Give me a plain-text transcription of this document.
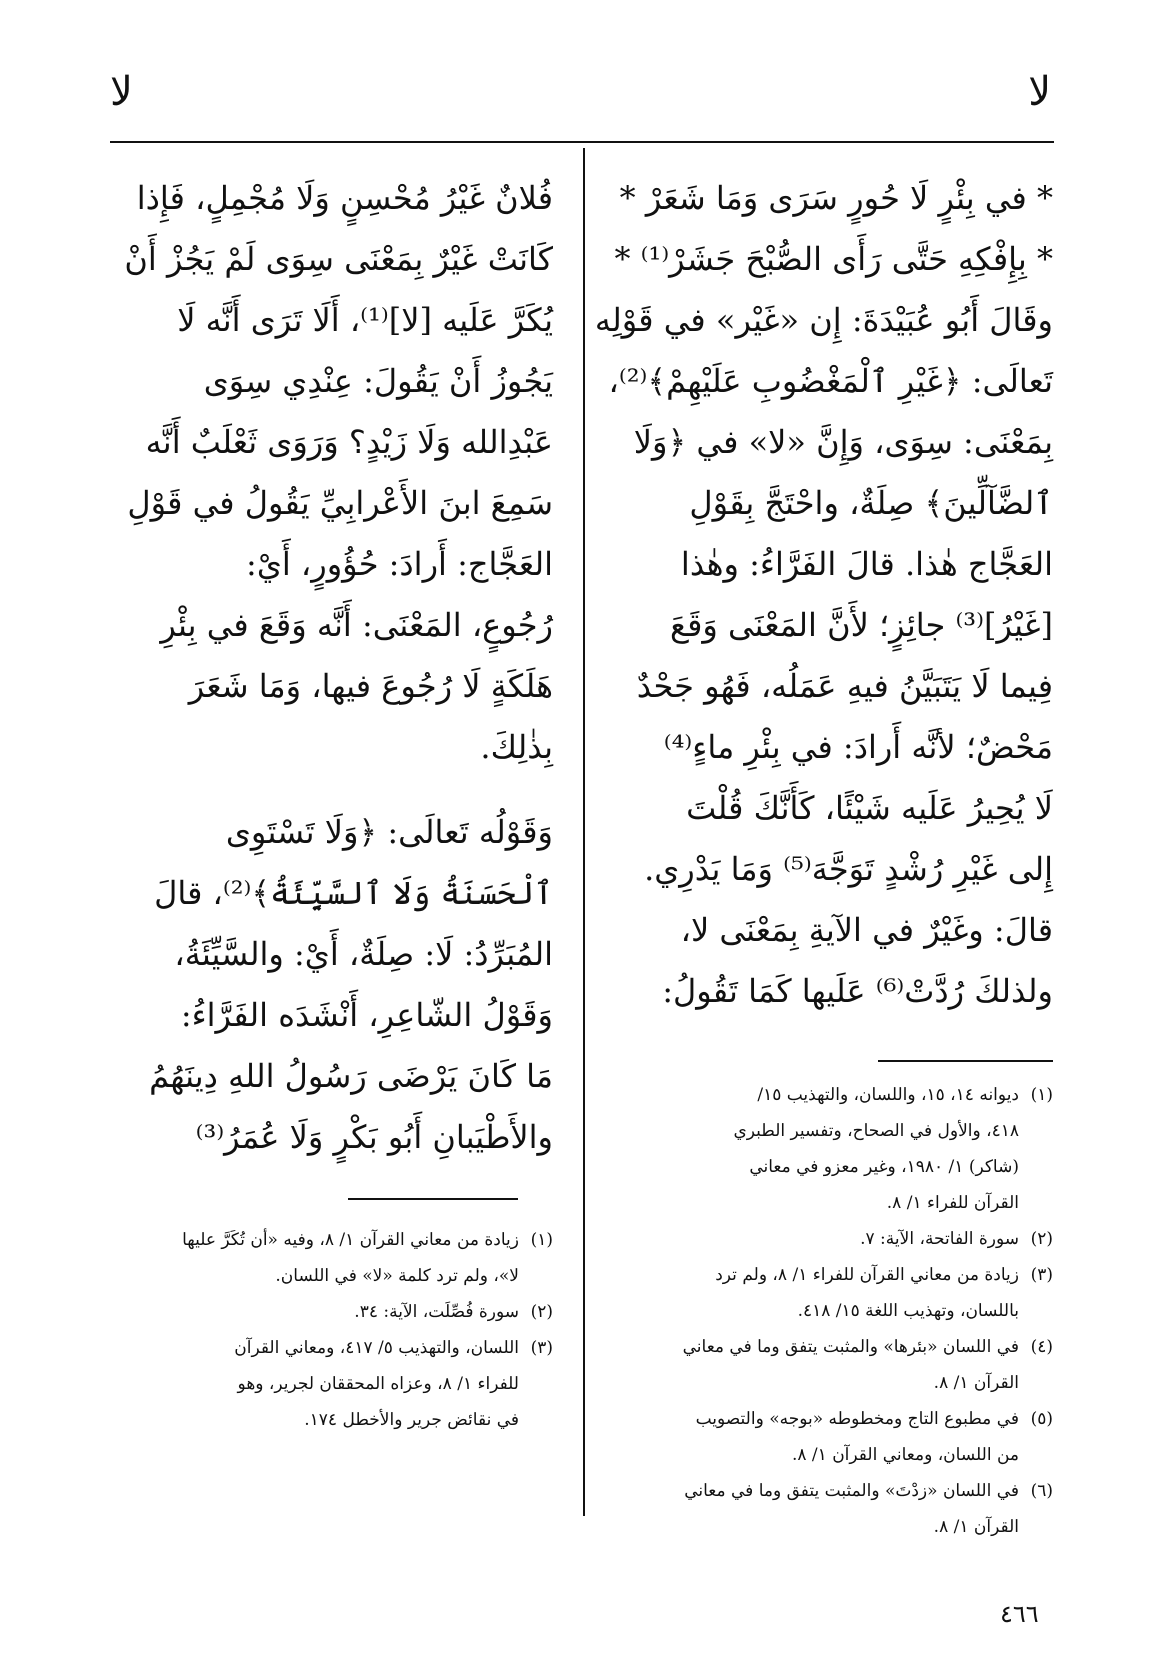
لا
لا
* في بِئْرٍ لَا حُورٍ سَرَى وَمَا شَعَرْ *
* بِإِفْكِهِ حَتَّى رَأَى الصُّبْحَ جَشَرْ⁽¹⁾ *
وقَالَ أَبُو عُبَيْدَةَ: إِن «غَيْر» في قَوْلِه
تَعالَى: ﴿غَيْرِ ٱلْمَغْضُوبِ عَلَيْهِمْ﴾⁽²⁾،
بِمَعْنَى: سِوَى، وَإِنَّ «لا» في ﴿وَلَا
ٱلضَّآلِّينَ﴾ صِلَةٌ، واحْتَجَّ بِقَوْلِ
العَجَّاج هٰذا. قالَ الفَرَّاءُ: وهٰذا
[غَيْرُ]⁽³⁾ جائِزٍ؛ لأَنَّ المَعْنَى وَقَعَ
فِيما لَا يَتَبَيَّنُ فيهِ عَمَلُه، فَهُو جَحْدٌ
مَحْضٌ؛ لأنَّه أَرادَ: في بِئْرِ ماءٍ⁽⁴⁾
لَا يُحِيرُ عَلَيه شَيْئًا، كَأَنَّكَ قُلْتَ
إِلى غَيْرِ رُشْدٍ تَوَجَّهَ⁽⁵⁾ وَمَا يَدْرِي.
قالَ: وغَيْرٌ في الآيةِ بِمَعْنَى لا،
ولذلكَ رُدَّتْ⁽⁶⁾ عَلَيها كَمَا تَقُولُ:
(١)ديوانه ١٤، ١٥، واللسان، والتهذيب ١٥/
٤١٨، والأول في الصحاح، وتفسير الطبري
(شاكر) ١/ ١٩٨٠، وغير معزو في معاني
القرآن للفراء ١/ ٨.
(٢)سورة الفاتحة، الآية: ٧.
(٣)زيادة من معاني القرآن للفراء ١/ ٨، ولم ترد
باللسان، وتهذيب اللغة ١٥/ ٤١٨.
(٤)في اللسان «بئرها» والمثبت يتفق وما في معاني
القرآن ١/ ٨.
(٥)في مطبوع التاج ومخطوطه «بوجه» والتصويب
من اللسان، ومعاني القرآن ١/ ٨.
(٦)في اللسان «زدْتَ» والمثبت يتفق وما في معاني
القرآن ١/ ٨.
فُلانٌ غَيْرُ مُحْسِنٍ وَلَا مُجْمِلٍ، فَإِذا
كَانَتْ غَيْرٌ بِمَعْنَى سِوَى لَمْ يَجُزْ أَنْ
يُكَرَّ عَلَيه [لا]⁽¹⁾، أَلَا تَرَى أَنَّه لَا
يَجُوزُ أَنْ يَقُولَ: عِنْدِي سِوَى
عَبْدِالله وَلَا زَيْدٍ؟ وَرَوَى ثَعْلَبٌ أَنَّه
سَمِعَ ابنَ الأَعْرابِيِّ يَقُولُ في قَوْلِ
العَجَّاج: أَرادَ: حُؤُورٍ، أَيْ:
رُجُوعٍ، المَعْنَى: أَنَّه وَقَعَ في بِئْرِ
هَلَكَةٍ لَا رُجُوعَ فيها، وَمَا شَعَرَ
بِذٰلِكَ.
وَقَوْلُه تَعالَى: ﴿وَلَا تَسْتَوِى
ٱلْحَسَنَةُ وَلَا ٱلسَّيِّئَةُ﴾⁽²⁾، قالَ
المُبَرِّدُ: لَا: صِلَةٌ، أَيْ: والسَّيِّئَةُ،
وَقَوْلُ الشّاعِرِ، أَنْشَدَه الفَرَّاءُ:
مَا كَانَ يَرْضَى رَسُولُ اللهِ دِينَهُمُ
والأَطْيَبانِ أَبُو بَكْرٍ وَلَا عُمَرُ⁽³⁾
(١)زيادة من معاني القرآن ١/ ٨، وفيه «أن تُكَرَّ عليها
لا»، ولم ترد كلمة «لا» في اللسان.
(٢)سورة فُصِّلَت، الآية: ٣٤.
(٣)اللسان، والتهذيب ٥/ ٤١٧، ومعاني القرآن
للفراء ١/ ٨، وعزاه المحققان لجرير، وهو
في نقائض جرير والأخطل ١٧٤.
٤٦٦
